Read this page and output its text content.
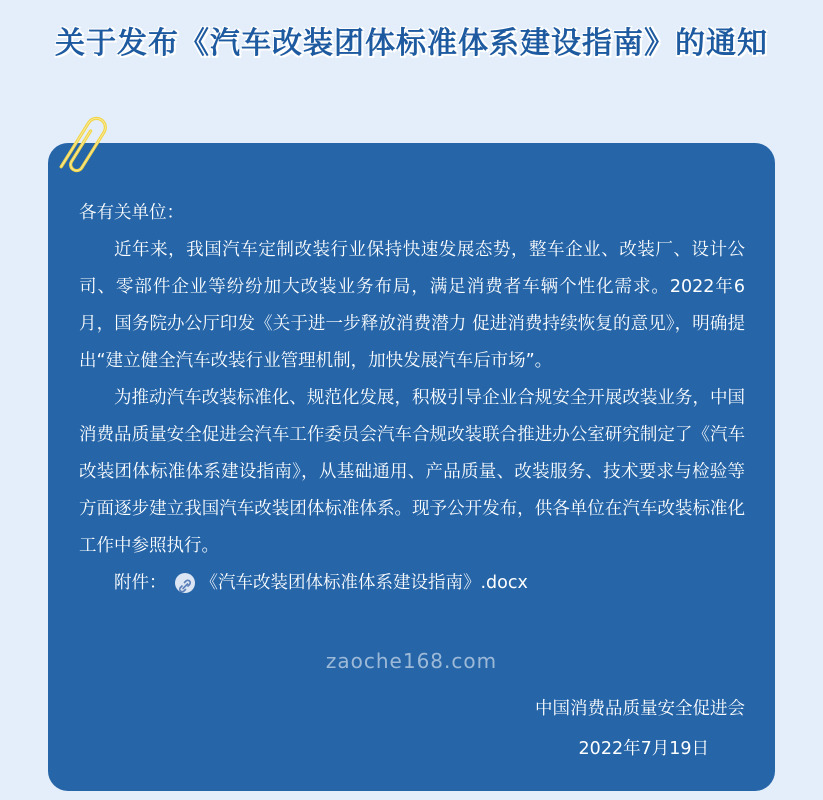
关于发布《汽车改装团体标准体系建设指南》的通知

各有关单位：

近年来，我国汽车定制改装行业保持快速发展态势，整车企业、改装厂、设计公司、零部件企业等纷纷加大改装业务布局，满足消费者车辆个性化需求。2022年6月，国务院办公厅印发《关于进一步释放消费潜力 促进消费持续恢复的意见》，明确提出“建立健全汽车改装行业管理机制，加快发展汽车后市场”。

为推动汽车改装标准化、规范化发展，积极引导企业合规安全开展改装业务，中国消费品质量安全促进会汽车工作委员会汽车合规改装联合推进办公室研究制定了《汽车改装团体标准体系建设指南》，从基础通用、产品质量、改装服务、技术要求与检验等方面逐步建立我国汽车改装团体标准体系。现予公开发布，供各单位在汽车改装标准化工作中参照执行。

附件： 《汽车改装团体标准体系建设指南》.docx
zaoche168.com
中国消费品质量安全促进会
2022年7月19日
